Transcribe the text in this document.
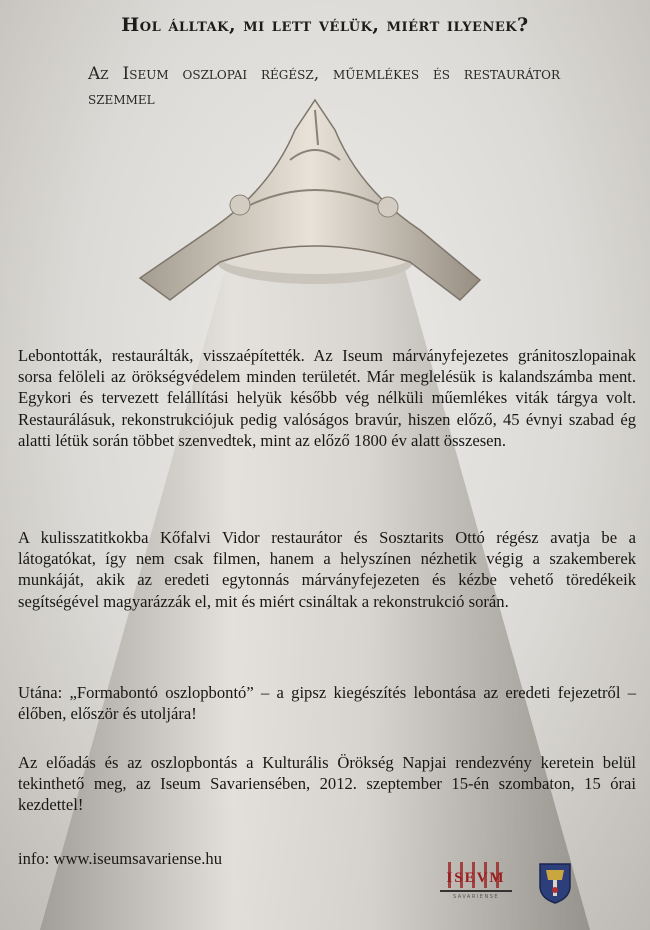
Hol álltak, mi lett vélük, miért ilyenek?

Az Iseum oszlopai régész, műemlékes és restaurátor szemmel

Lebontották, restaurálták, visszaépítették. Az Iseum márványfejezetes gránitoszlopainak sorsa felöleli az örökségvédelem minden területét. Már meglelésük is kalandszámba ment. Egykori és tervezett felállítási helyük később vég nélküli műemlékes viták tárgya volt. Restaurálásuk, rekonstrukciójuk pedig valóságos bravúr, hiszen előző, 45 évnyi szabad ég alatti létük során többet szenvedtek, mint az előző 1800 év alatt összesen.

A kulisszatitkokba Kőfalvi Vidor restaurátor és Sosztarits Ottó régész avatja be a látogatókat, így nem csak filmen, hanem a helyszínen nézhetik végig a szakemberek munkáját, akik az eredeti egytonnás márványfejezeten és kézbe vehető töredékeik segítségével magyarázzák el, mit és miért csináltak a rekonstrukció során.

Utána: „Formabontó oszlopbontó” – a gipsz kiegészítés lebontása az eredeti fejezetről – élőben, először és utoljára!

Az előadás és az oszlopbontás a Kulturális Örökség Napjai rendezvény keretein belül tekinthető meg, az Iseum Savariensében, 2012. szeptember 15-én szombaton, 15 órai kezdettel!

info: www.iseumsavariense.hu

ISEVM
SAVARIENSE
